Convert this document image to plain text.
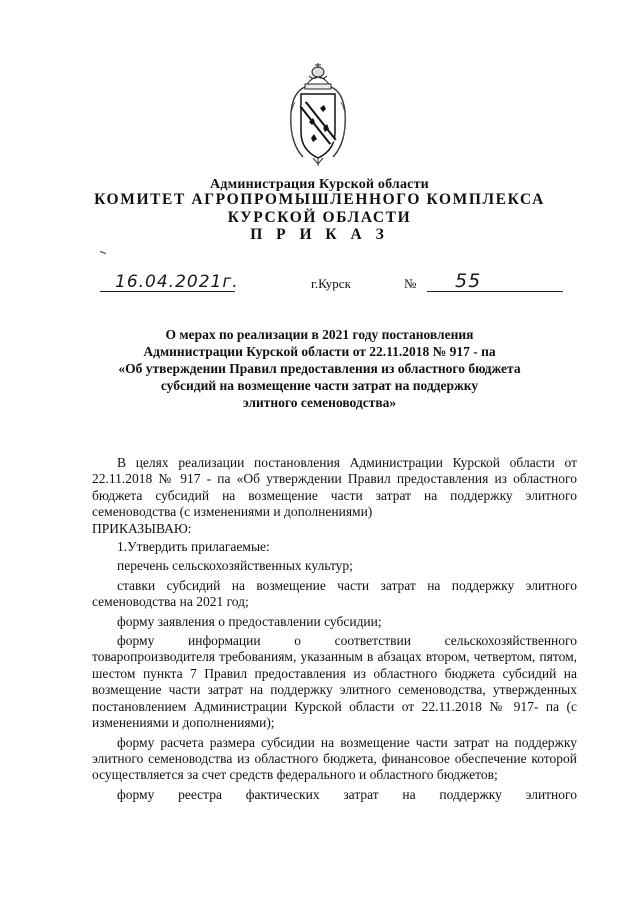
Администрация Курской области
КОМИТЕТ АГРОПРОМЫШЛЕННОГО КОМПЛЕКСА
КУРСКОЙ ОБЛАСТИ
П Р И К А З
16.04.2021г.	г.Курск	№ 55
О мерах по реализации в 2021 году постановления
Администрации Курской области от 22.11.2018 № 917 - па
«Об утверждении Правил предоставления из областного бюджета
субсидий на возмещение части затрат на поддержку
элитного семеноводства»

В целях реализации постановления Администрации Курской области от 22.11.2018 № 917 - па «Об утверждении Правил предоставления из областного бюджета субсидий на возмещение части затрат на поддержку элитного семеноводства (с изменениями и дополнениями)

ПРИКАЗЫВАЮ:

1.Утвердить прилагаемые:

перечень сельскохозяйственных культур;

ставки субсидий на возмещение части затрат на поддержку элитного семеноводства на 2021 год;

форму заявления о предоставлении субсидии;

форму информации о соответствии сельскохозяйственного товаропроизводителя требованиям, указанным в абзацах втором, четвертом, пятом, шестом пункта 7 Правил предоставления из областного бюджета субсидий на возмещение части затрат на поддержку элитного семеноводства, утвержденных постановлением Администрации Курской области от 22.11.2018 № 917- па (с изменениями и дополнениями);

форму расчета размера субсидии на возмещение части затрат на поддержку элитного семеноводства из областного бюджета, финансовое обеспечение которой осуществляется за счет средств федерального и областного бюджетов;

форму реестра фактических затрат на поддержку элитного
